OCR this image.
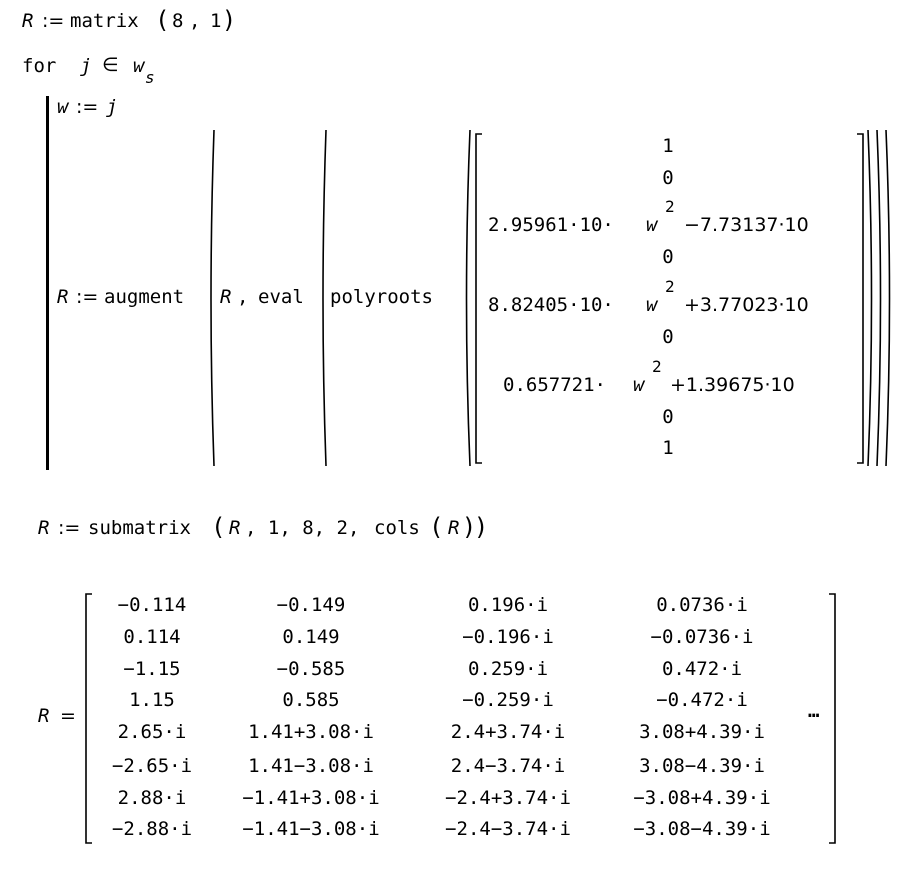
R := matrix ( 8 , 1 )
for j ∈ w
s
w := j
R := augment R , eval polyroots
1
0
2.95961·10· w
2
−7.73137·10
0
8.82405·10· w
2
+3.77023·10
0
0.657721· w
2
+1.39675·10
0
1
R := submatrix ( R , 1, 8, 2, cols ( R ) )
R =	…
−0.114	−0.149	0.196·i	0.0736·i
0.114	0.149	−0.196·i	−0.0736·i
−1.15	−0.585	0.259·i	0.472·i
1.15	0.585	−0.259·i	−0.472·i
2.65·i	1.41+3.08·i	2.4+3.74·i	3.08+4.39·i
−2.65·i	1.41−3.08·i	2.4−3.74·i	3.08−4.39·i
2.88·i	−1.41+3.08·i	−2.4+3.74·i	−3.08+4.39·i
−2.88·i	−1.41−3.08·i	−2.4−3.74·i	−3.08−4.39·i
